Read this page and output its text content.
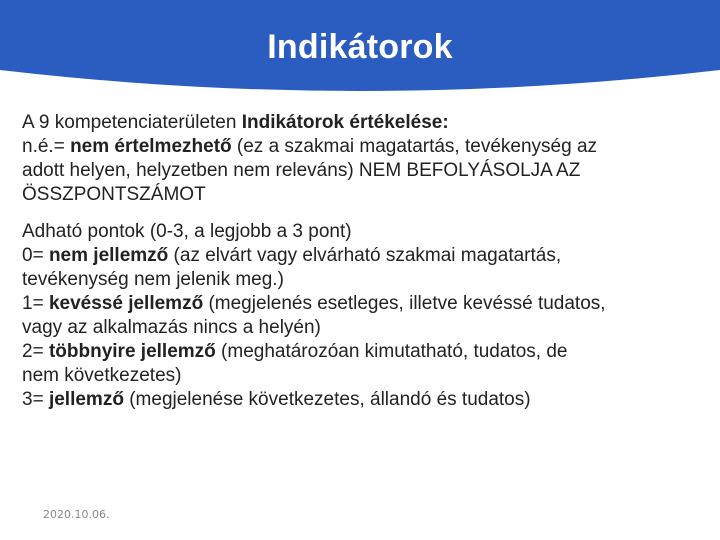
Indikátorok
A 9 kompetenciaterületen Indikátorok értékelése:
n.é.= nem értelmezhető (ez a szakmai magatartás, tevékenység az
adott helyen, helyzetben nem releváns) NEM BEFOLYÁSOLJA AZ
ÖSSZPONTSZÁMOT
Adható pontok (0-3, a legjobb a 3 pont)
0= nem jellemző (az elvárt vagy elvárható szakmai magatartás,
tevékenység nem jelenik meg.)
1= kevéssé jellemző (megjelenés esetleges, illetve kevéssé tudatos,
vagy az alkalmazás nincs a helyén)
2= többnyire jellemző (meghatározóan kimutatható, tudatos, de
nem következetes)
3= jellemző (megjelenése következetes, állandó és tudatos)
2020.10.06.
